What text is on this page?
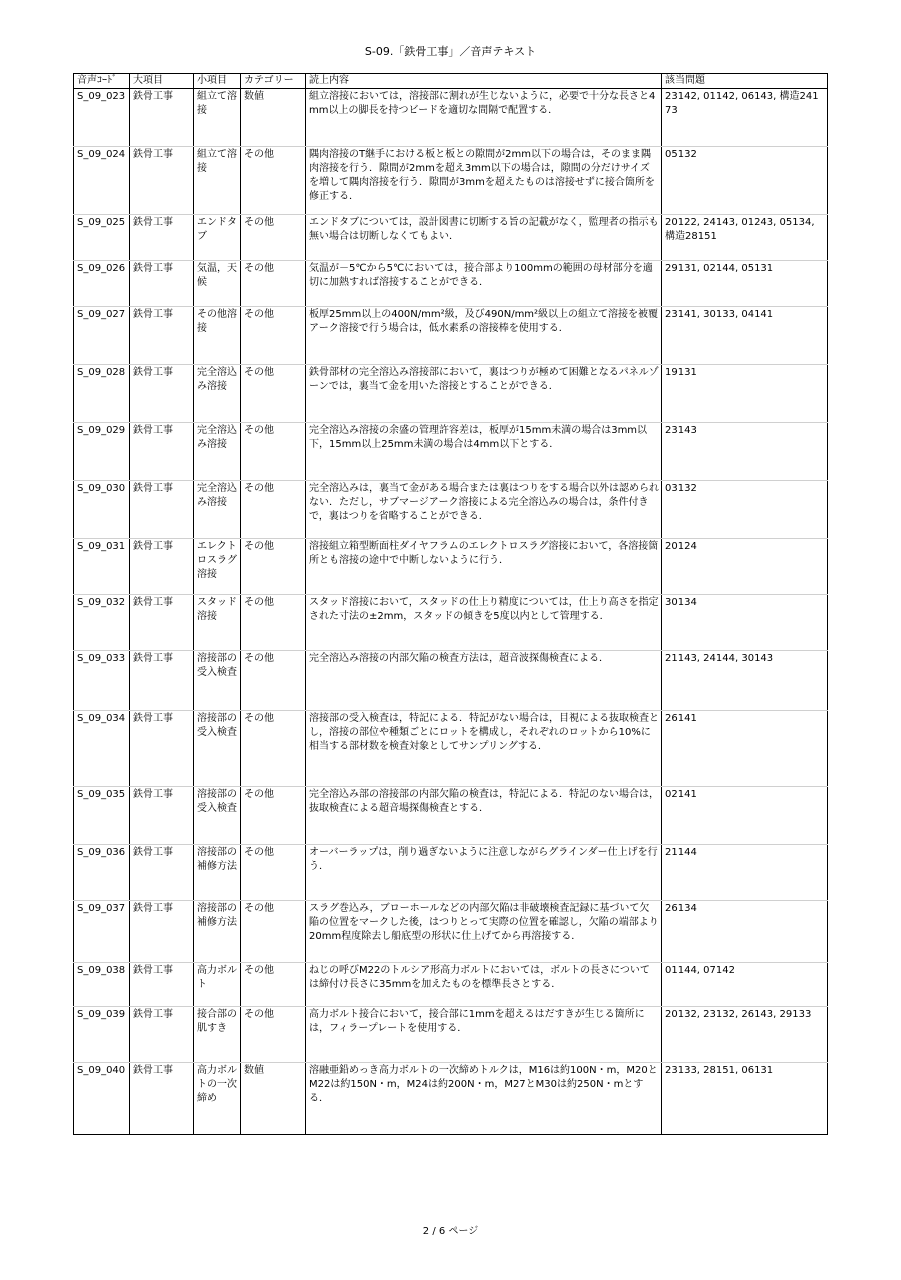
S-09.「鉄骨工事」／音声テキスト
音声ｺｰﾄﾞ	大項目	小項目	カテゴリー	読上内容	該当問題
S_09_023	鉄骨工事	組立て溶接	数値	組立溶接においては，溶接部に割れが生じないように，必要で十分な長さと4mm以上の脚長を持つビードを適切な間隔で配置する．	23142, 01142, 06143, 構造24173
S_09_024	鉄骨工事	組立て溶接	その他	隅肉溶接のT継手における板と板との隙間が2mm以下の場合は，そのまま隅肉溶接を行う．隙間が2mmを超え3mm以下の場合は，隙間の分だけサイズを増して隅肉溶接を行う．隙間が3mmを超えたものは溶接せずに接合箇所を修正する．	05132
S_09_025	鉄骨工事	エンドタブ	その他	エンドタブについては，設計図書に切断する旨の記載がなく，監理者の指示も無い場合は切断しなくてもよい．	20122, 24143, 01243, 05134, 構造28151
S_09_026	鉄骨工事	気温，天候	その他	気温が－5℃から5℃においては，接合部より100mmの範囲の母材部分を適切に加熱すれば溶接することができる．	29131, 02144, 05131
S_09_027	鉄骨工事	その他溶接	その他	板厚25mm以上の400N/mm²級，及び490N/mm²級以上の組立て溶接を被覆アーク溶接で行う場合は，低水素系の溶接棒を使用する．	23141, 30133, 04141
S_09_028	鉄骨工事	完全溶込み溶接	その他	鉄骨部材の完全溶込み溶接部において，裏はつりが極めて困難となるパネルゾーンでは，裏当て金を用いた溶接とすることができる．	19131
S_09_029	鉄骨工事	完全溶込み溶接	その他	完全溶込み溶接の余盛の管理許容差は，板厚が15mm未満の場合は3mm以下，15mm以上25mm未満の場合は4mm以下とする．	23143
S_09_030	鉄骨工事	完全溶込み溶接	その他	完全溶込みは，裏当て金がある場合または裏はつりをする場合以外は認められない．ただし，サブマージアーク溶接による完全溶込みの場合は，条件付きで，裏はつりを省略することができる．	03132
S_09_031	鉄骨工事	エレクトロスラグ溶接	その他	溶接組立箱型断面柱ダイヤフラムのエレクトロスラグ溶接において，各溶接箇所とも溶接の途中で中断しないように行う．	20124
S_09_032	鉄骨工事	スタッド溶接	その他	スタッド溶接において，スタッドの仕上り精度については，仕上り高さを指定された寸法の±2mm，スタッドの傾きを5度以内として管理する．	30134
S_09_033	鉄骨工事	溶接部の受入検査	その他	完全溶込み溶接の内部欠陥の検査方法は，超音波探傷検査による．	21143, 24144, 30143
S_09_034	鉄骨工事	溶接部の受入検査	その他	溶接部の受入検査は，特記による．特記がない場合は，目視による抜取検査とし，溶接の部位や種類ごとにロットを構成し，それぞれのロットから10%に相当する部材数を検査対象としてサンプリングする．	26141
S_09_035	鉄骨工事	溶接部の受入検査	その他	完全溶込み部の溶接部の内部欠陥の検査は，特記による．特記のない場合は，抜取検査による超音場探傷検査とする．	02141
S_09_036	鉄骨工事	溶接部の補修方法	その他	オーバーラップは，削り過ぎないように注意しながらグラインダー仕上げを行う．	21144
S_09_037	鉄骨工事	溶接部の補修方法	その他	スラグ巻込み，ブローホールなどの内部欠陥は非破壊検査記録に基づいて欠陥の位置をマークした後，はつりとって実際の位置を確認し，欠陥の端部より20mm程度除去し船底型の形状に仕上げてから再溶接する．	26134
S_09_038	鉄骨工事	高力ボルト	その他	ねじの呼びM22のトルシア形高力ボルトにおいては，ボルトの長さについては締付け長さに35mmを加えたものを標準長さとする．	01144, 07142
S_09_039	鉄骨工事	接合部の肌すき	その他	高力ボルト接合において，接合部に1mmを超えるはだすきが生じる箇所には，フィラープレートを使用する．	20132, 23132, 26143, 29133
S_09_040	鉄骨工事	高力ボルトの一次締め	数値	溶融亜鉛めっき高力ボルトの一次締めトルクは，M16は約100N・m，M20とM22は約150N・m，M24は約200N・m，M27とM30は約250N・mとする．	23133, 28151, 06131
2 / 6 ページ
